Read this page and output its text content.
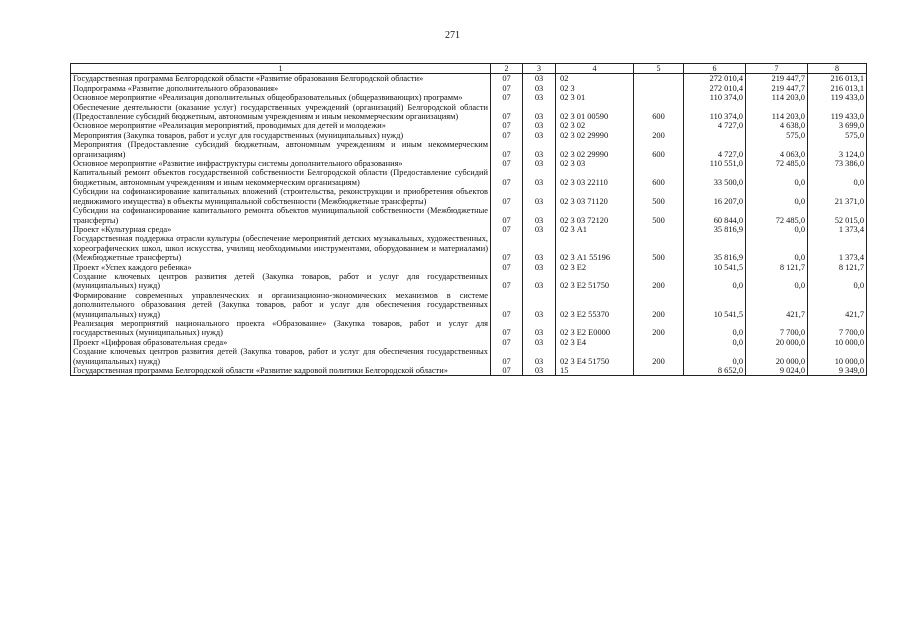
271
1	2	3	4	5	6	7	8
Государственная программа Белгородской области «Развитие образования Белгородской области»	07	03	02		272 010,4	219 447,7	216 013,1
Подпрограмма «Развитие дополнительного образования»	07	03	02 3		272 010,4	219 447,7	216 013,1
Основное мероприятие «Реализация дополнительных общеобразовательных (общеразвивающих) программ»	07	03	02 3 01		110 374,0	114 203,0	119 433,0
Обеспечение деятельности (оказание услуг) государственных учреждений (организаций) Белгородской области (Предоставление субсидий бюджетным, автономным учреждениям и иным некоммерческим организациям)	07	03	02 3 01 00590	600	110 374,0	114 203,0	119 433,0
Основное мероприятие «Реализация мероприятий, проводимых для детей и молодежи»	07	03	02 3 02		4 727,0	4 638,0	3 699,0
Мероприятия (Закупка товаров, работ и услуг для государственных (муниципальных) нужд)	07	03	02 3 02 29990	200		575,0	575,0
Мероприятия (Предоставление субсидий бюджетным, автономным учреждениям и иным некоммерческим организациям)	07	03	02 3 02 29990	600	4 727,0	4 063,0	3 124,0
Основное мероприятие «Развитие инфраструктуры системы дополнительного образования»	07	03	02 3 03		110 551,0	72 485,0	73 386,0
Капитальный ремонт объектов государственной собственности Белгородской области (Предоставление субсидий бюджетным, автономным учреждениям и иным некоммерческим организациям)	07	03	02 3 03 22110	600	33 500,0	0,0	0,0
Субсидии на софинансирование капитальных вложений (строительства, реконструкции и приобретения объектов недвижимого имущества) в объекты муниципальной собственности (Межбюджетные трансферты)	07	03	02 3 03 71120	500	16 207,0	0,0	21 371,0
Субсидии на софинансирование капитального ремонта объектов муниципальной собственности (Межбюджетные трансферты)	07	03	02 3 03 72120	500	60 844,0	72 485,0	52 015,0
Проект «Культурная среда»	07	03	02 3 А1		35 816,9	0,0	1 373,4
Государственная поддержка отрасли культуры (обеспечение мероприятий детских музыкальных, художественных, хореографических школ, школ искусства, училищ необходимыми инструментами, оборудованием и материалами) (Межбюджетные трансферты)	07	03	02 3 А1 55196	500	35 816,9	0,0	1 373,4
Проект «Успех каждого ребенка»	07	03	02 3 Е2		10 541,5	8 121,7	8 121,7
Создание ключевых центров развития детей (Закупка товаров, работ и услуг для государственных (муниципальных) нужд)	07	03	02 3 Е2 51750	200	0,0	0,0	0,0
Формирование современных управленческих и организационно-экономических механизмов в системе дополнительного образования детей (Закупка товаров, работ и услуг для обеспечения государственных (муниципальных) нужд)	07	03	02 3 Е2 55370	200	10 541,5	421,7	421,7
Реализация мероприятий национального проекта «Образование» (Закупка товаров, работ и услуг для государственных (муниципальных) нужд)	07	03	02 3 Е2 Е0000	200	0,0	7 700,0	7 700,0
Проект «Цифровая образовательная среда»	07	03	02 3 Е4		0,0	20 000,0	10 000,0
Создание ключевых центров развития детей (Закупка товаров, работ и услуг для обеспечения государственных (муниципальных) нужд)	07	03	02 3 Е4 51750	200	0,0	20 000,0	10 000,0
Государственная программа Белгородской области «Развитие кадровой политики Белгородской области»	07	03	15		8 652,0	9 024,0	9 349,0
